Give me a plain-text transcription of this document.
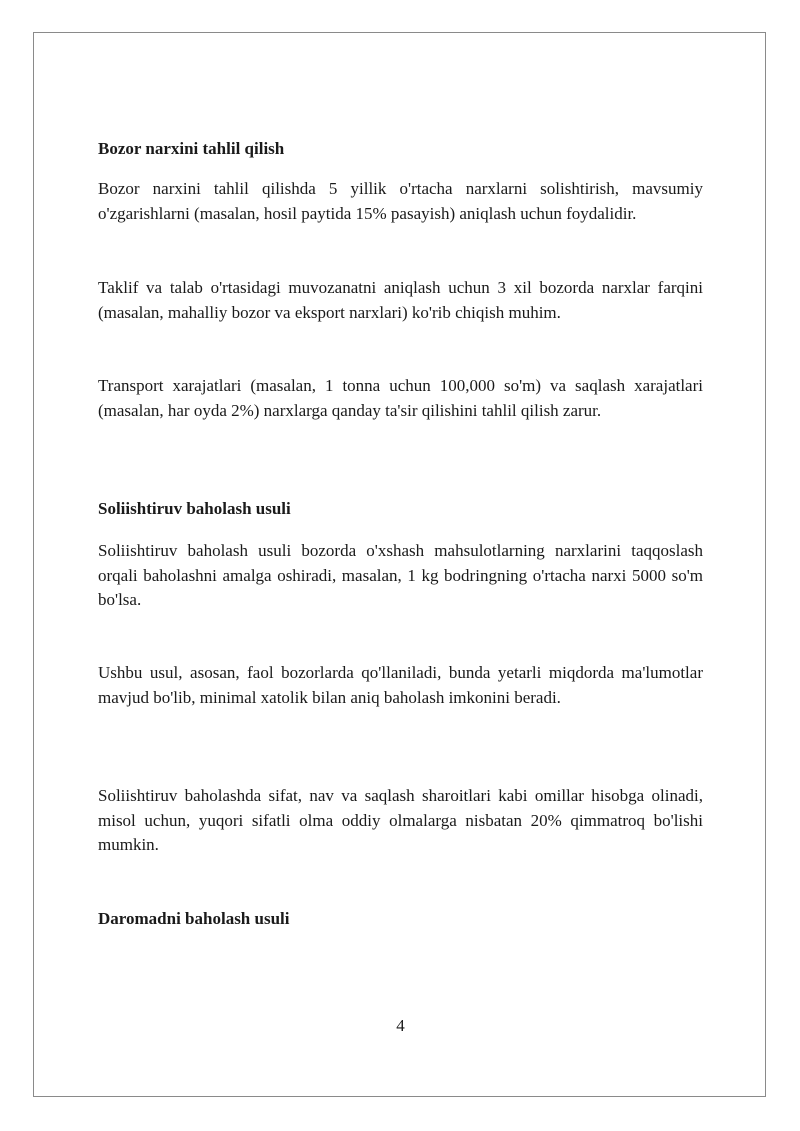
Bozor narxini tahlil qilish

Bozor narxini tahlil qilishda 5 yillik o'rtacha narxlarni solishtirish, mavsumiy o'zgarishlarni (masalan, hosil paytida 15% pasayish) aniqlash uchun foydalidir.

Taklif va talab o'rtasidagi muvozanatni aniqlash uchun 3 xil bozorda narxlar farqini (masalan, mahalliy bozor va eksport narxlari) ko'rib chiqish muhim.

Transport xarajatlari (masalan, 1 tonna uchun 100,000 so'm) va saqlash xarajatlari (masalan, har oyda 2%) narxlarga qanday ta'sir qilishini tahlil qilish zarur.

Soliishtiruv baholash usuli

Soliishtiruv baholash usuli bozorda o'xshash mahsulotlarning narxlarini taqqoslash orqali baholashni amalga oshiradi, masalan, 1 kg bodringning o'rtacha narxi 5000 so'm bo'lsa.

Ushbu usul, asosan, faol bozorlarda qo'llaniladi, bunda yetarli miqdorda ma'lumotlar mavjud bo'lib, minimal xatolik bilan aniq baholash imkonini beradi.

Soliishtiruv baholashda sifat, nav va saqlash sharoitlari kabi omillar hisobga olinadi, misol uchun, yuqori sifatli olma oddiy olmalarga nisbatan 20% qimmatroq bo'lishi mumkin.

Daromadni baholash usuli
4
